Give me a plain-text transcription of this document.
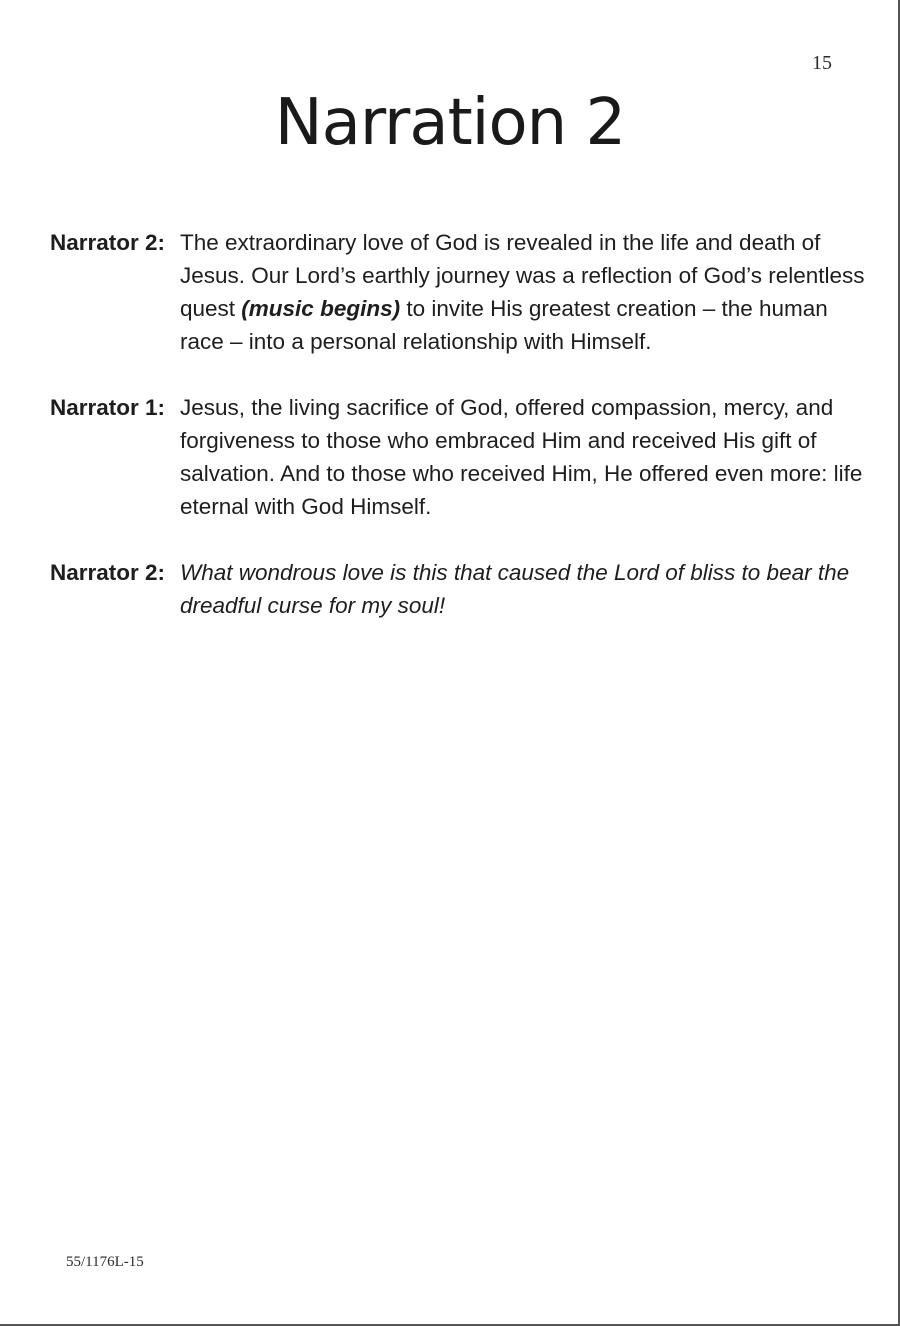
15
Narration 2
Narrator 2: The extraordinary love of God is revealed in the life and death of Jesus. Our Lord’s earthly journey was a reflection of God’s relentless quest (music begins) to invite His greatest creation – the human race – into a personal relationship with Himself.
Narrator 1: Jesus, the living sacrifice of God, offered compassion, mercy, and forgiveness to those who embraced Him and received His gift of salvation. And to those who received Him, He offered even more: life eternal with God Himself.
Narrator 2: What wondrous love is this that caused the Lord of bliss to bear the dreadful curse for my soul!
55/1176L-15
